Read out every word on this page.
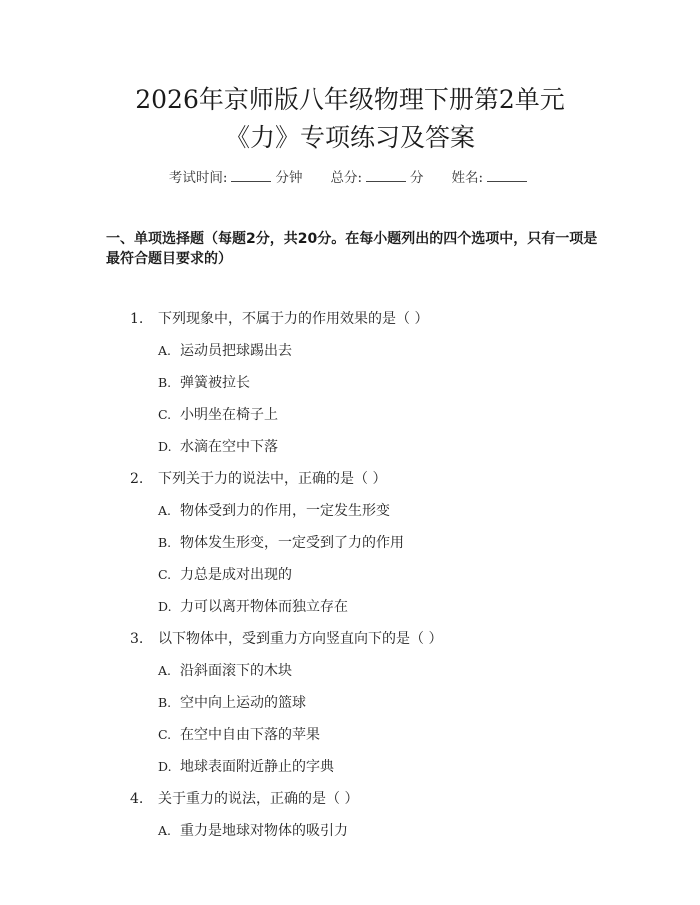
2026年京师版八年级物理下册第2单元
《力》专项练习及答案
考试时间:	分钟 总分:	分 姓名:
一、单项选择题（每题2分，共20分。在每小题列出的四个选项中，只有一项是最符合题目要求的）
1. 下列现象中，不属于力的作用效果的是（ ）
A. 运动员把球踢出去
B. 弹簧被拉长
C. 小明坐在椅子上
D. 水滴在空中下落
2. 下列关于力的说法中，正确的是（ ）
A. 物体受到力的作用，一定发生形变
B. 物体发生形变，一定受到了力的作用
C. 力总是成对出现的
D. 力可以离开物体而独立存在
3. 以下物体中，受到重力方向竖直向下的是（ ）
A. 沿斜面滚下的木块
B. 空中向上运动的篮球
C. 在空中自由下落的苹果
D. 地球表面附近静止的字典
4. 关于重力的说法，正确的是（ ）
A. 重力是地球对物体的吸引力
